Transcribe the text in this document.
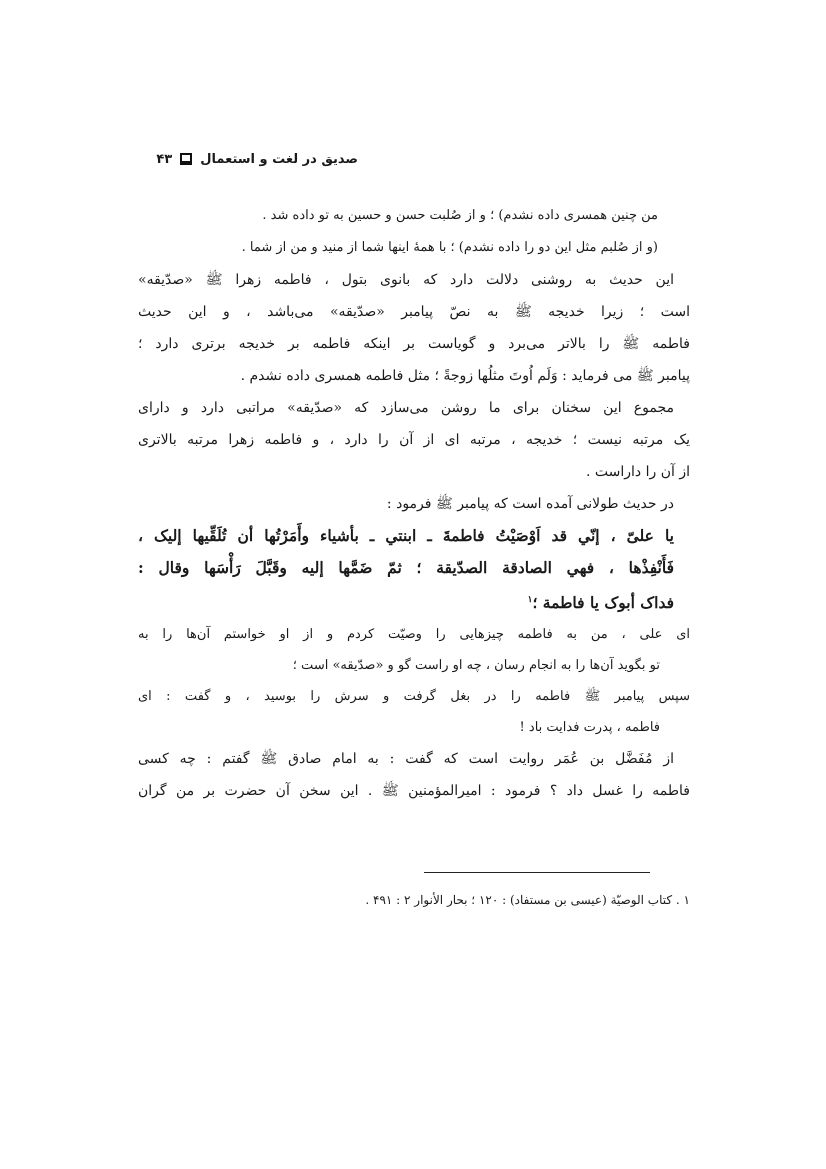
صدیق در لغت و استعمال
۴۳
من چنین همسری داده نشدم) ؛ و از صُلبت حسن و حسین به تو داده شد .
(و از صُلبم مثل این دو را داده نشدم) ؛ با همهٔ اینها شما از منید و من از شما .
این حدیث به روشنی دلالت دارد که بانوی بتول ، فاطمه زهرا ﷺ «صدّیقه»
است ؛ زیرا خدیجه ﷺ به نصّ پیامبر «صدّیقه» می‌باشد ، و این حدیث
فاطمه ﷺ را بالاتر می‌برد و گویاست بر اینکه فاطمه بر خدیجه برتری دارد ؛
پیامبر ﷺ می فرماید : وَلَم اُوتَ مثلُها زوجةً ؛ مثل فاطمه همسری داده نشدم .
مجموع این سخنان برای ما روشن می‌سازد که «صدّیقه» مراتبی دارد و دارای
یک مرتبه نیست ؛ خدیجه ، مرتبه ای از آن را دارد ، و فاطمه زهرا مرتبه بالاتری
از آن را داراست .
در حدیث طولانی آمده است که پیامبر ﷺ فرمود :
یا علیّ ، إنّي قد اَوْصَیْتُ فاطمةَ ـ ابنتي ـ بأشياء وأَمَرْتُها أن تُلَقِّيها إليک ،
فَأَنْفِذْها ، فهي الصادقة الصدّيقة ؛ ثمّ ضَمَّها إليه وقَبَّلَ رَأْسَها وقال :
فداک أبوک يا فاطمة ؛$^۱$
ای علی ، من به فاطمه چیزهایی را وصیّت کردم و از او خواستم آن‌ها را به
تو بگوید آن‌ها را به انجام رسان ، چه او راست گو و «صدّیقه» است ؛
سپس پیامبر ﷺ فاطمه را در بغل گرفت و سرش را بوسید ، و گفت : ای
فاطمه ، پدرت فدایت باد !
از مُفَضَّل بن عُمَر روایت است که گفت : به امام صادق ﷺ گفتم : چه کسی
فاطمه را غسل داد ؟ فرمود : امیرالمؤمنین ﷺ . این سخن آن حضرت بر من گران
۱ . کتاب الوصیّة (عیسی بن مستفاد) : ۱۲۰ ؛ بحار الأنوار ۲ : ۴۹۱ .
